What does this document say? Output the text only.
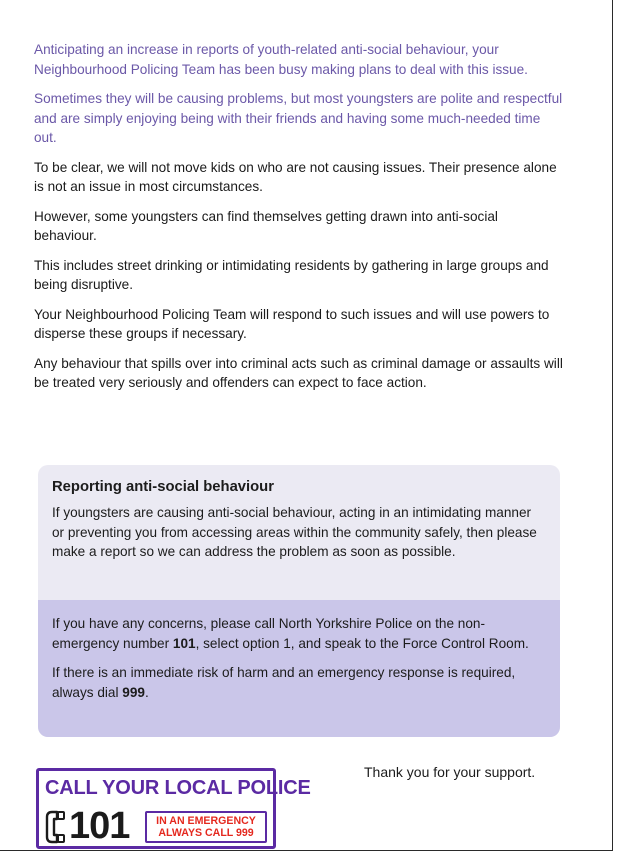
Anticipating an increase in reports of youth-related anti-social behaviour, your Neighbourhood Policing Team has been busy making plans to deal with this issue.

Sometimes they will be causing problems, but most youngsters are polite and respectful and are simply enjoying being with their friends and having some much-needed time out.

To be clear, we will not move kids on who are not causing issues. Their presence alone is not an issue in most circumstances.

However, some youngsters can find themselves getting drawn into anti-social behaviour.

This includes street drinking or intimidating residents by gathering in large groups and being disruptive.

Your Neighbourhood Policing Team will respond to such issues and will use powers to disperse these groups if necessary.

Any behaviour that spills over into criminal acts such as criminal damage or assaults will be treated very seriously and offenders can expect to face action.

Reporting anti-social behaviour

If youngsters are causing anti-social behaviour, acting in an intimidating manner or preventing you from accessing areas within the community safely, then please make a report so we can address the problem as soon as possible.

If you have any concerns, please call North Yorkshire Police on the non-emergency number 101, select option 1, and speak to the Force Control Room.

If there is an immediate risk of harm and an emergency response is required, always dial 999.

CALL YOUR LOCAL POLICE
101	IN AN EMERGENCY
ALWAYS CALL 999
Thank you for your support.
